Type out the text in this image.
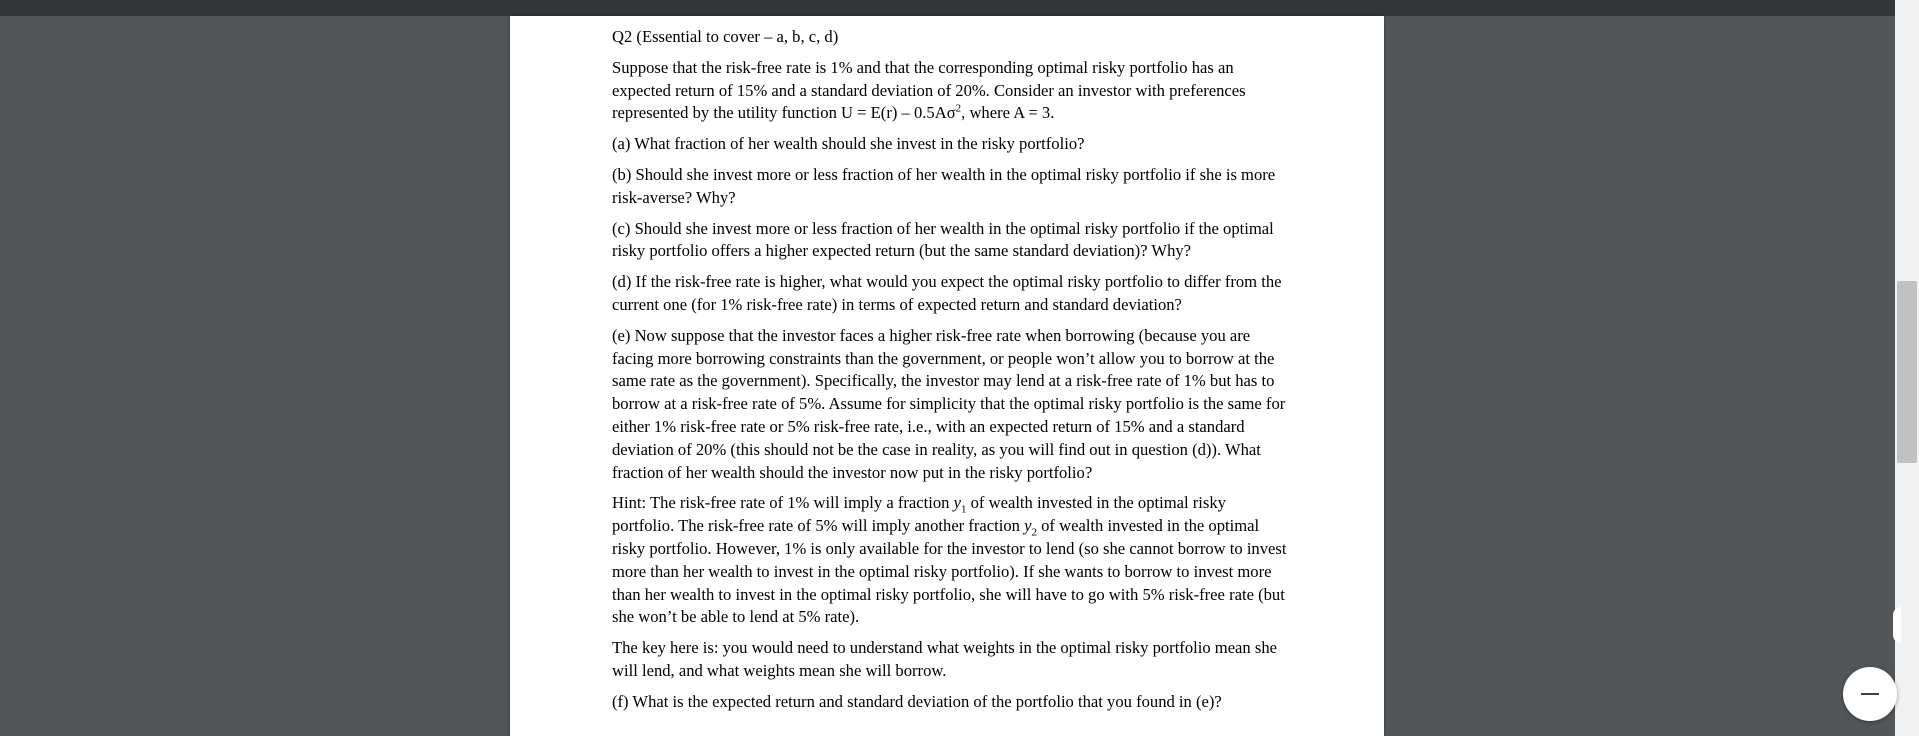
Q2 (Essential to cover – a, b, c, d)

Suppose that the risk-free rate is 1% and that the corresponding optimal risky portfolio has an expected return of 15% and a standard deviation of 20%. Consider an investor with preferences represented by the utility function $U = E(r) - 0.5A\sigma^2$, where A = 3.

(a) What fraction of her wealth should she invest in the risky portfolio?

(b) Should she invest more or less fraction of her wealth in the optimal risky portfolio if she is more risk-averse? Why?

(c) Should she invest more or less fraction of her wealth in the optimal risky portfolio if the optimal risky portfolio offers a higher expected return (but the same standard deviation)? Why?

(d) If the risk-free rate is higher, what would you expect the optimal risky portfolio to differ from the current one (for 1% risk-free rate) in terms of expected return and standard deviation?

(e) Now suppose that the investor faces a higher risk-free rate when borrowing (because you are facing more borrowing constraints than the government, or people won’t allow you to borrow at the same rate as the government). Specifically, the investor may lend at a risk-free rate of 1% but has to borrow at a risk-free rate of 5%. Assume for simplicity that the optimal risky portfolio is the same for either 1% risk-free rate or 5% risk-free rate, i.e., with an expected return of 15% and a standard deviation of 20% (this should not be the case in reality, as you will find out in question (d)). What fraction of her wealth should the investor now put in the risky portfolio?

Hint: The risk-free rate of 1% will imply a fraction $y_1$ of wealth invested in the optimal risky portfolio. The risk-free rate of 5% will imply another fraction $y_2$ of wealth invested in the optimal risky portfolio. However, 1% is only available for the investor to lend (so she cannot borrow to invest more than her wealth to invest in the optimal risky portfolio). If she wants to borrow to invest more than her wealth to invest in the optimal risky portfolio, she will have to go with 5% risk-free rate (but she won’t be able to lend at 5% rate).

The key here is: you would need to understand what weights in the optimal risky portfolio mean she will lend, and what weights mean she will borrow.

(f) What is the expected return and standard deviation of the portfolio that you found in (e)?
